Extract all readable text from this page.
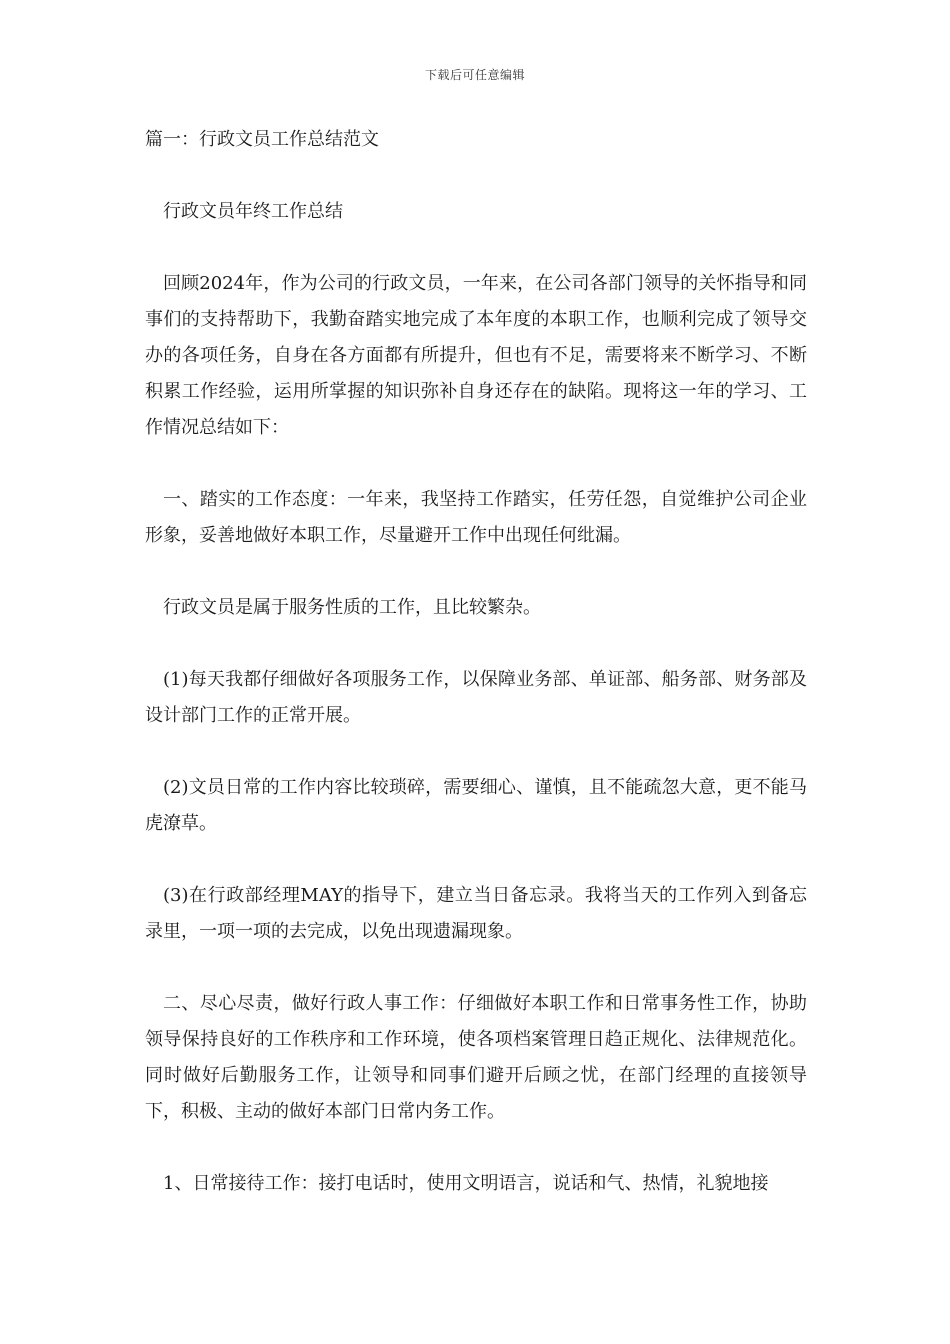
下载后可任意编辑

篇一：行政文员工作总结范文

行政文员年终工作总结

回顾2024年，作为公司的行政文员，一年来，在公司各部门领导的关怀指导和同事们的支持帮助下，我勤奋踏实地完成了本年度的本职工作，也顺利完成了领导交办的各项任务，自身在各方面都有所提升，但也有不足，需要将来不断学习、不断积累工作经验，运用所掌握的知识弥补自身还存在的缺陷。现将这一年的学习、工作情况总结如下：

一、踏实的工作态度：一年来，我坚持工作踏实，任劳任怨，自觉维护公司企业形象，妥善地做好本职工作，尽量避开工作中出现任何纰漏。

行政文员是属于服务性质的工作，且比较繁杂。

(1)每天我都仔细做好各项服务工作，以保障业务部、单证部、船务部、财务部及设计部门工作的正常开展。

(2)文员日常的工作内容比较琐碎，需要细心、谨慎，且不能疏忽大意，更不能马虎潦草。

(3)在行政部经理MAY的指导下，建立当日备忘录。我将当天的工作列入到备忘录里，一项一项的去完成，以免出现遗漏现象。

二、尽心尽责，做好行政人事工作：仔细做好本职工作和日常事务性工作，协助领导保持良好的工作秩序和工作环境，使各项档案管理日趋正规化、法律规范化。同时做好后勤服务工作，让领导和同事们避开后顾之忧，在部门经理的直接领导下，积极、主动的做好本部门日常内务工作。

1、日常接待工作：接打电话时，使用文明语言，说话和气、热情，礼貌地接
